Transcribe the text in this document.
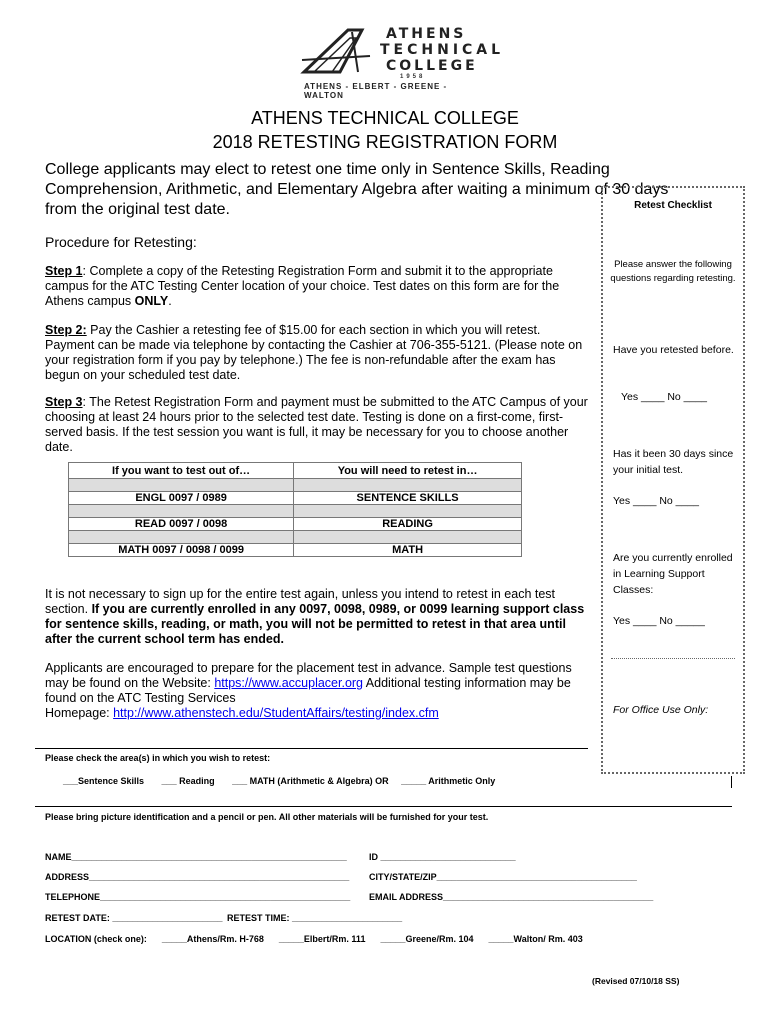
ATHENS
TECHNICAL
COLLEGE
1958
ATHENS - ELBERT - GREENE - WALTON
ATHENS TECHNICAL COLLEGE
2018 RETESTING REGISTRATION FORM
College applicants may elect to retest one time only in Sentence Skills, Reading Comprehension, Arithmetic, and Elementary Algebra after waiting a minimum of 30 days from the original test date.
Procedure for Retesting:
Step 1: Complete a copy of the Retesting Registration Form and submit it to the appropriate campus for the ATC Testing Center location of your choice. Test dates on this form are for the Athens campus ONLY.
Step 2: Pay the Cashier a retesting fee of $15.00 for each section in which you will retest. Payment can be made via telephone by contacting the Cashier at 706-355-5121. (Please note on your registration form if you pay by telephone.) The fee is non-refundable after the exam has begun on your scheduled test date.
Step 3: The Retest Registration Form and payment must be submitted to the ATC Campus of your choosing at least 24 hours prior to the selected test date. Testing is done on a first-come, first-served basis. If the test session you want is full, it may be necessary for you to choose another date.
If you want to test out of…	You will need to retest in…

ENGL 0097 / 0989	SENTENCE SKILLS

READ 0097 / 0098	READING

MATH 0097 / 0098 / 0099	MATH
It is not necessary to sign up for the entire test again, unless you intend to retest in each test section. If you are currently enrolled in any 0097, 0098, 0989, or 0099 learning support class for sentence skills, reading, or math, you will not be permitted to retest in that area until after the current school term has ended.
Applicants are encouraged to prepare for the placement test in advance. Sample test questions may be found on the Website: https://www.accuplacer.org Additional testing information may be found on the ATC Testing Services
Homepage: http://www.athenstech.edu/StudentAffairs/testing/index.cfm
Retest Checklist
Please answer the following questions regarding retesting.
Have you retested before.
Yes ____ No ____
Has it been 30 days since your initial test.
Yes ____ No ____
Are you currently enrolled in Learning Support Classes:
Yes ____ No _____
For Office Use Only:
Please check the area(s) in which you wish to retest:
___Sentence Skills       ___ Reading       ___ MATH (Arithmetic & Algebra) OR     _____ Arithmetic Only
Please bring picture identification and a pencil or pen. All other materials will be furnished for your test.
NAME_______________________________________________________ ID ___________________________
ADDRESS____________________________________________________ CITY/STATE/ZIP________________________________________
TELEPHONE__________________________________________________ EMAIL ADDRESS__________________________________________
RETEST DATE: ______________________ RETEST TIME: ______________________
LOCATION (check one):      _____Athens/Rm. H-768      _____Elbert/Rm. 111      _____Greene/Rm. 104      _____Walton/ Rm. 403
(Revised 07/10/18 SS)
